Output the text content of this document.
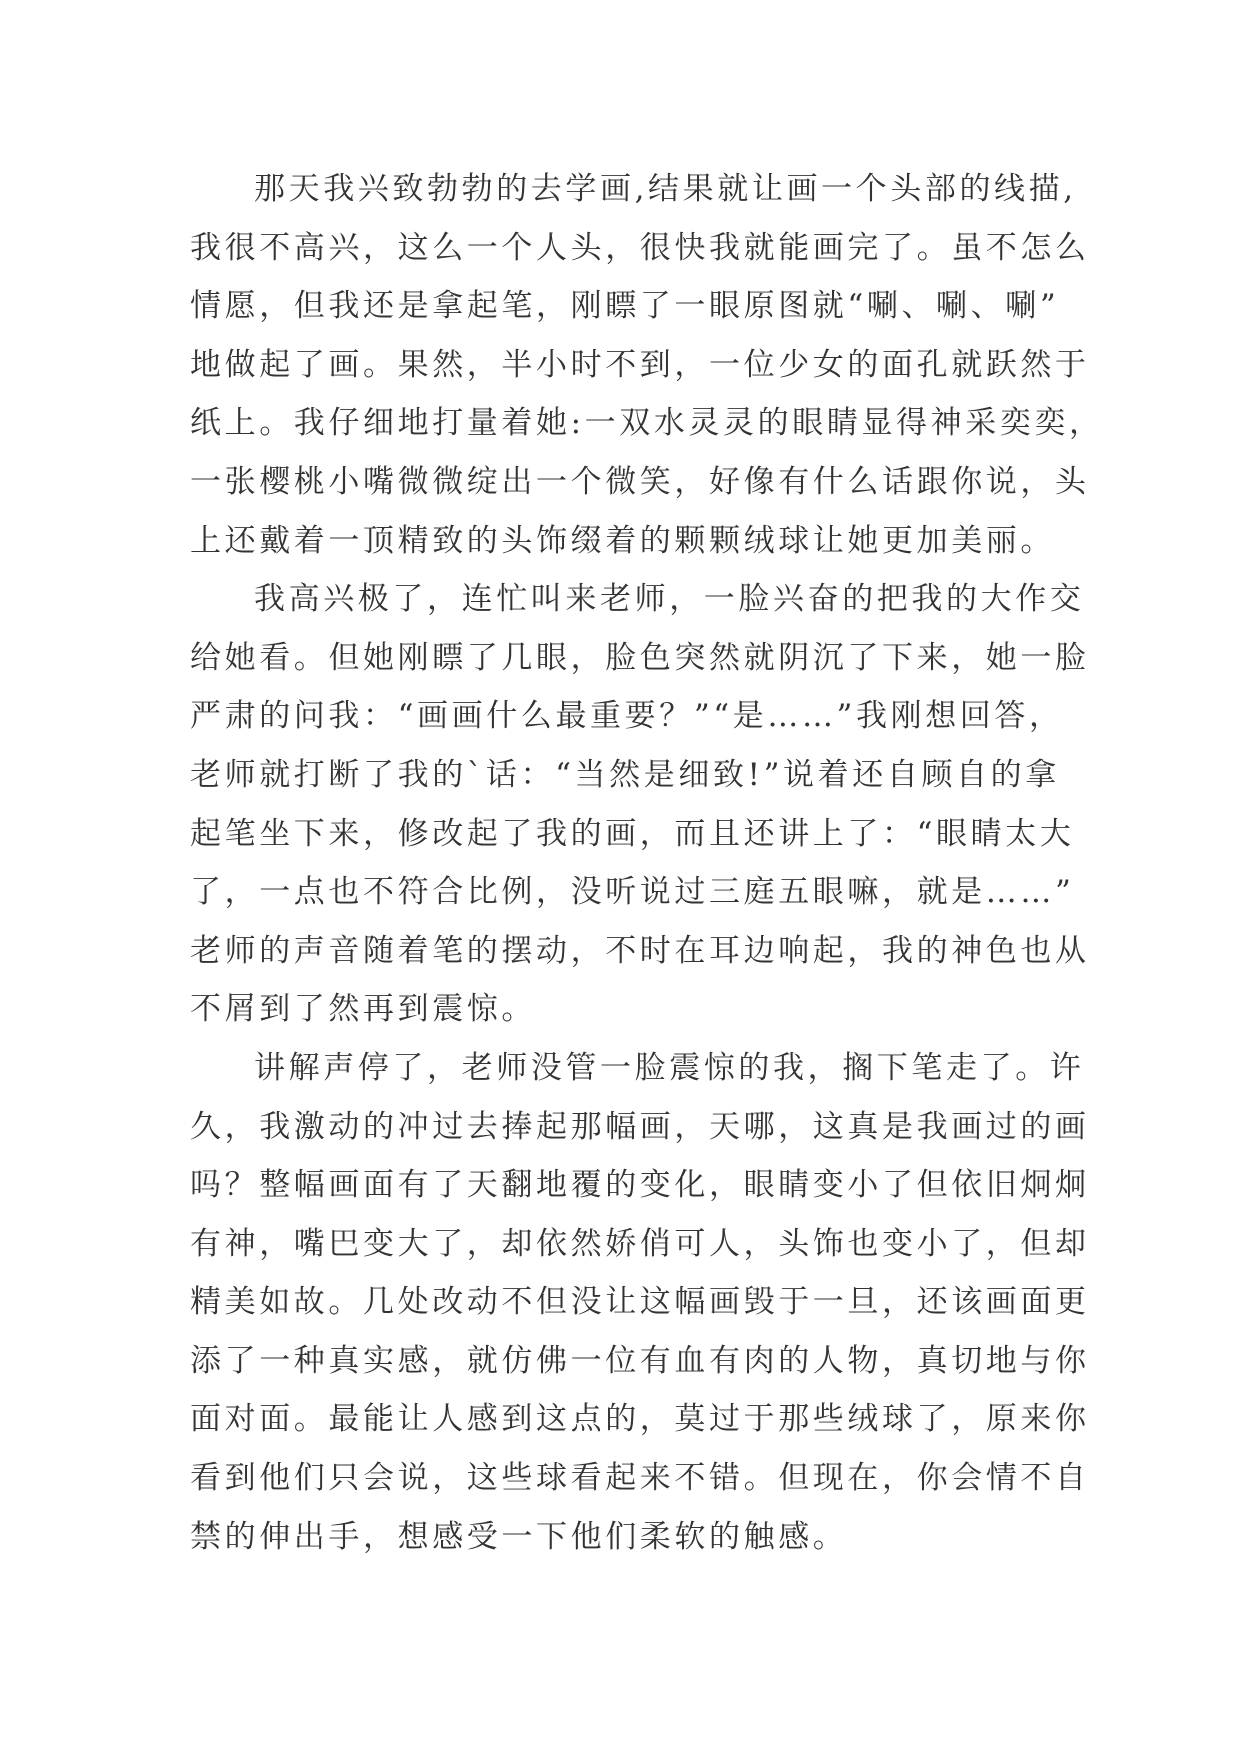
那天我兴致勃勃的去学画,结果就让画一个头部的线描,
我很不高兴，这么一个人头，很快我就能画完了。虽不怎么
情愿，但我还是拿起笔，刚瞟了一眼原图就“唰、唰、唰”
地做起了画。果然，半小时不到，一位少女的面孔就跃然于
纸上。我仔细地打量着她:一双水灵灵的眼睛显得神采奕奕，
一张樱桃小嘴微微绽出一个微笑，好像有什么话跟你说，头
上还戴着一顶精致的头饰缀着的颗颗绒球让她更加美丽。
我高兴极了，连忙叫来老师，一脸兴奋的把我的大作交
给她看。但她刚瞟了几眼，脸色突然就阴沉了下来，她一脸
严肃的问我：“画画什么最重要？”“是……”我刚想回答，
老师就打断了我的`话：“当然是细致!”说着还自顾自的拿
起笔坐下来，修改起了我的画，而且还讲上了：“眼睛太大
了，一点也不符合比例，没听说过三庭五眼嘛，就是……”
老师的声音随着笔的摆动，不时在耳边响起，我的神色也从
不屑到了然再到震惊。
讲解声停了，老师没管一脸震惊的我，搁下笔走了。许
久，我激动的冲过去捧起那幅画，天哪，这真是我画过的画
吗？整幅画面有了天翻地覆的变化，眼睛变小了但依旧炯炯
有神，嘴巴变大了，却依然娇俏可人，头饰也变小了，但却
精美如故。几处改动不但没让这幅画毁于一旦，还该画面更
添了一种真实感，就仿佛一位有血有肉的人物，真切地与你
面对面。最能让人感到这点的，莫过于那些绒球了，原来你
看到他们只会说，这些球看起来不错。但现在，你会情不自
禁的伸出手，想感受一下他们柔软的触感。
